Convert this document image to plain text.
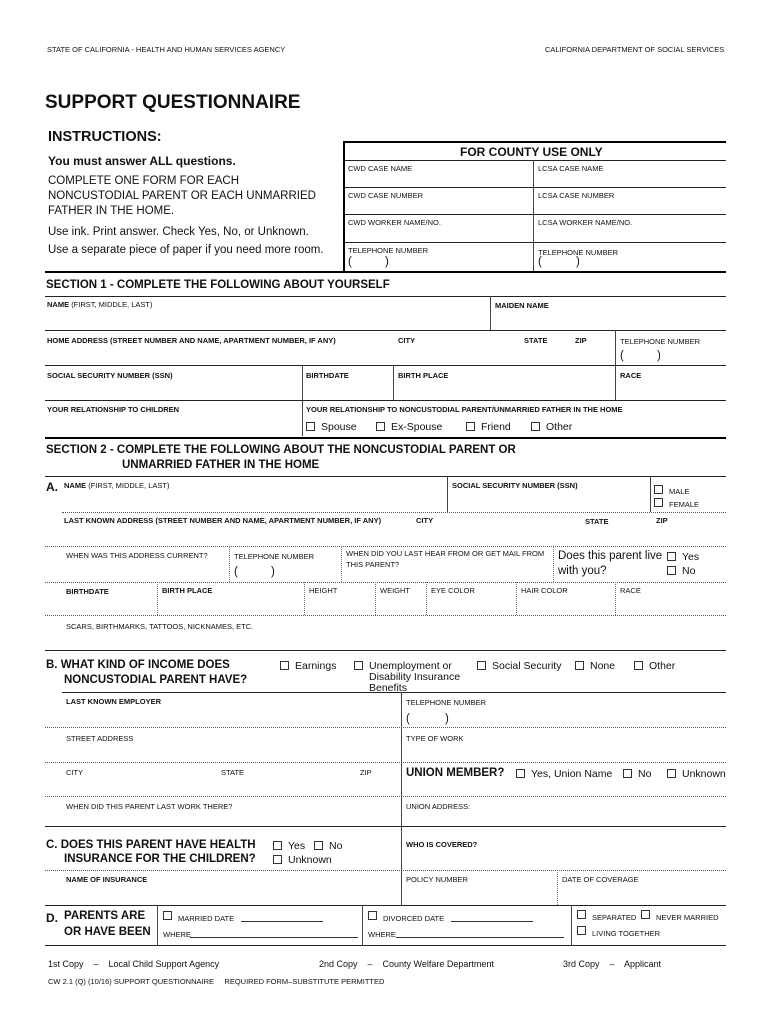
STATE OF CALIFORNIA - HEALTH AND HUMAN SERVICES AGENCY	CALIFORNIA DEPARTMENT OF SOCIAL SERVICES
SUPPORT QUESTIONNAIRE
INSTRUCTIONS:
You must answer ALL questions.
COMPLETE ONE FORM FOR EACH
NONCUSTODIAL PARENT OR EACH UNMARRIED
FATHER IN THE HOME.
Use ink. Print answer. Check Yes, No, or Unknown.
Use a separate piece of paper if you need more room.
FOR COUNTY USE ONLY
CWD CASE NAME	LCSA CASE NAME
CWD CASE NUMBER	LCSA CASE NUMBER
CWD WORKER NAME/NO.	LCSA WORKER NAME/NO.
TELEPHONE NUMBER	TELEPHONE NUMBER
(	)	(	)
SECTION 1 - COMPLETE THE FOLLOWING ABOUT YOURSELF
NAME (FIRST, MIDDLE, LAST)	MAIDEN NAME
HOME ADDRESS (STREET NUMBER AND NAME, APARTMENT NUMBER, IF ANY)	CITY	STATE	ZIP	TELEPHONE NUMBER
(	)
SOCIAL SECURITY NUMBER (SSN)	BIRTHDATE	BIRTH PLACE	RACE
YOUR RELATIONSHIP TO CHILDREN	YOUR RELATIONSHIP TO NONCUSTODIAL PARENT/UNMARRIED FATHER IN THE HOME
Spouse	Ex-Spouse	Friend	Other
SECTION 2 - COMPLETE THE FOLLOWING ABOUT THE NONCUSTODIAL PARENT OR
UNMARRIED FATHER IN THE HOME
A. NAME (FIRST, MIDDLE, LAST)	SOCIAL SECURITY NUMBER (SSN)
MALE
FEMALE
LAST KNOWN ADDRESS (STREET NUMBER AND NAME, APARTMENT NUMBER, IF ANY)	CITY	STATE	ZIP
WHEN WAS THIS ADDRESS CURRENT?	TELEPHONE NUMBER
(	)
WHEN DID YOU LAST HEAR FROM OR GET MAIL FROM
THIS PARENT?
Does this parent live
with you?
Yes
No
BIRTHDATE	BIRTH PLACE	HEIGHT	WEIGHT	EYE COLOR	HAIR COLOR	RACE
SCARS, BIRTHMARKS, TATTOOS, NICKNAMES, ETC.
B. WHAT KIND OF INCOME DOES
NONCUSTODIAL PARENT HAVE?
Earnings	Unemployment or
Disability Insurance
Benefits
Social Security	None	Other
LAST KNOWN EMPLOYER	TELEPHONE NUMBER
(	)
STREET ADDRESS	TYPE OF WORK
CITY	STATE	ZIP	UNION MEMBER?	Yes, Union Name No	Unknown
WHEN DID THIS PARENT LAST WORK THERE?	UNION ADDRESS:
C. DOES THIS PARENT HAVE HEALTH
INSURANCE FOR THE CHILDREN?
Yes No
Unknown
WHO IS COVERED?
NAME OF INSURANCE	POLICY NUMBER	DATE OF COVERAGE
D. PARENTS ARE
OR HAVE BEEN
MARRIED DATE
WHERE
DIVORCED DATE
WHERE
SEPARATED	NEVER MARRIED
LIVING TOGETHER
1st Copy    –    Local Child Support Agency	2nd Copy    –    County Welfare Department	3rd Copy    –    Applicant
CW 2.1 (Q) (10/16) SUPPORT QUESTIONNAIRE     REQUIRED FORM–SUBSTITUTE PERMITTED
